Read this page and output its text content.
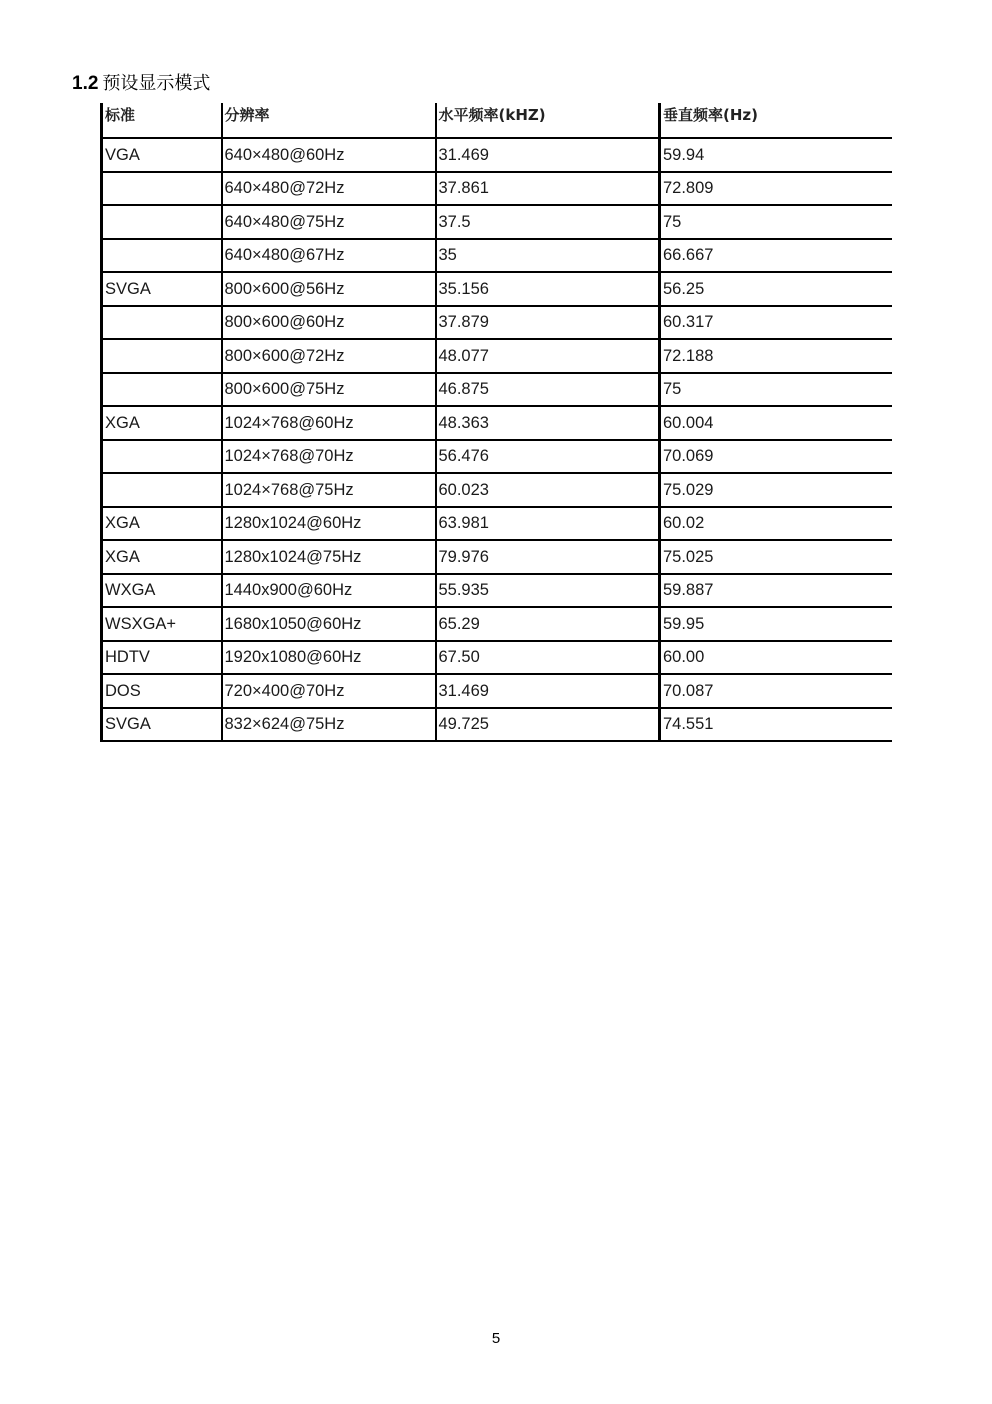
1.2 预设显示模式
标准	分辨率	水平频率(kHZ)	垂直频率(Hz)
VGA	640×480@60Hz	31.469	59.94
	640×480@72Hz	37.861	72.809
	640×480@75Hz	37.5	75
	640×480@67Hz	35	66.667
SVGA	800×600@56Hz	35.156	56.25
	800×600@60Hz	37.879	60.317
	800×600@72Hz	48.077	72.188
	800×600@75Hz	46.875	75
XGA	1024×768@60Hz	48.363	60.004
	1024×768@70Hz	56.476	70.069
	1024×768@75Hz	60.023	75.029
XGA	1280x1024@60Hz	63.981	60.02
XGA	1280x1024@75Hz	79.976	75.025
WXGA	1440x900@60Hz	55.935	59.887
WSXGA+	1680x1050@60Hz	65.29	59.95
HDTV	1920x1080@60Hz	67.50	60.00
DOS	720×400@70Hz	31.469	70.087
SVGA	832×624@75Hz	49.725	74.551
5
